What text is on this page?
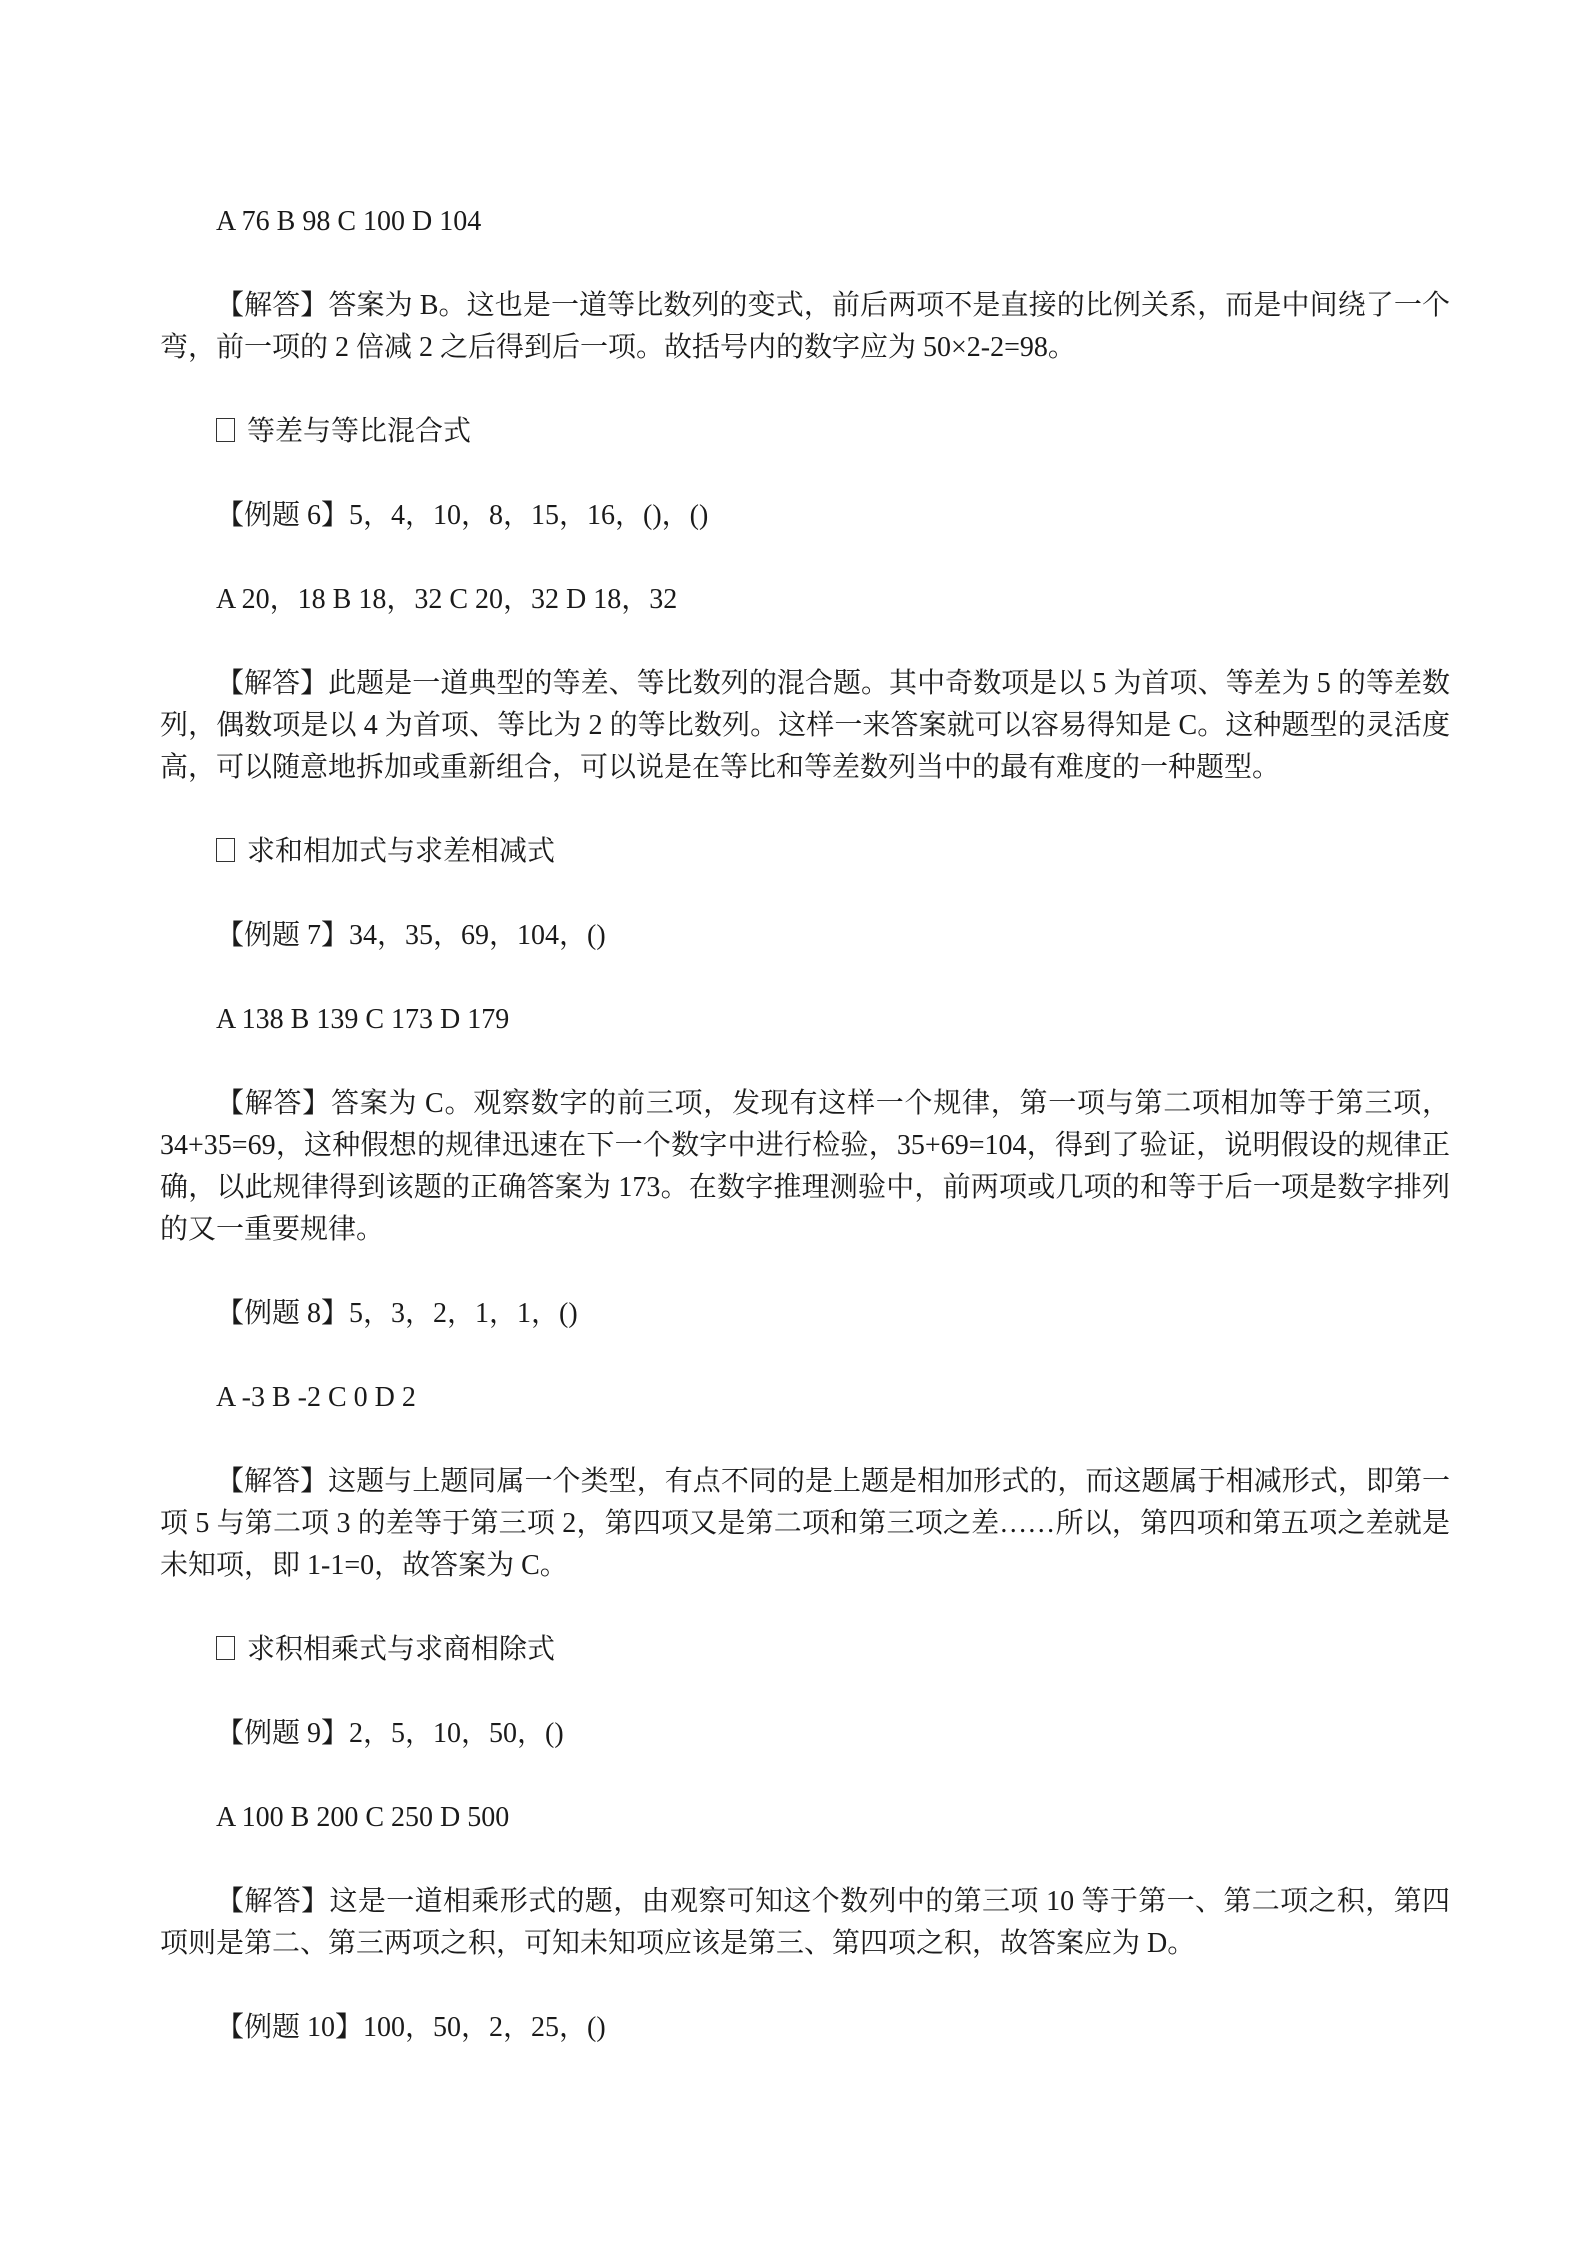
A 76 B 98 C 100 D 104

【解答】答案为 B。这也是一道等比数列的变式，前后两项不是直接的比例关系，而是中间绕了一个弯，前一项的 2 倍减 2 之后得到后一项。故括号内的数字应为 50×2-2=98。

等差与等比混合式

【例题 6】5，4，10，8，15，16，()，()

A 20，18 B 18，32 C 20，32 D 18，32

【解答】此题是一道典型的等差、等比数列的混合题。其中奇数项是以 5 为首项、等差为 5 的等差数列，偶数项是以 4 为首项、等比为 2 的等比数列。这样一来答案就可以容易得知是 C。这种题型的灵活度高，可以随意地拆加或重新组合，可以说是在等比和等差数列当中的最有难度的一种题型。

求和相加式与求差相减式

【例题 7】34，35，69，104，()

A 138 B 139 C 173 D 179

【解答】答案为 C。观察数字的前三项，发现有这样一个规律，第一项与第二项相加等于第三项，34+35=69，这种假想的规律迅速在下一个数字中进行检验，35+69=104，得到了验证，说明假设的规律正确，以此规律得到该题的正确答案为 173。在数字推理测验中，前两项或几项的和等于后一项是数字排列的又一重要规律。

【例题 8】5，3，2，1，1，()

A -3 B -2 C 0 D 2

【解答】这题与上题同属一个类型，有点不同的是上题是相加形式的，而这题属于相减形式，即第一项 5 与第二项 3 的差等于第三项 2，第四项又是第二项和第三项之差……所以，第四项和第五项之差就是未知项，即 1-1=0，故答案为 C。

求积相乘式与求商相除式

【例题 9】2，5，10，50，()

A 100 B 200 C 250 D 500

【解答】这是一道相乘形式的题，由观察可知这个数列中的第三项 10 等于第一、第二项之积，第四项则是第二、第三两项之积，可知未知项应该是第三、第四项之积，故答案应为 D。

【例题 10】100，50，2，25，()
